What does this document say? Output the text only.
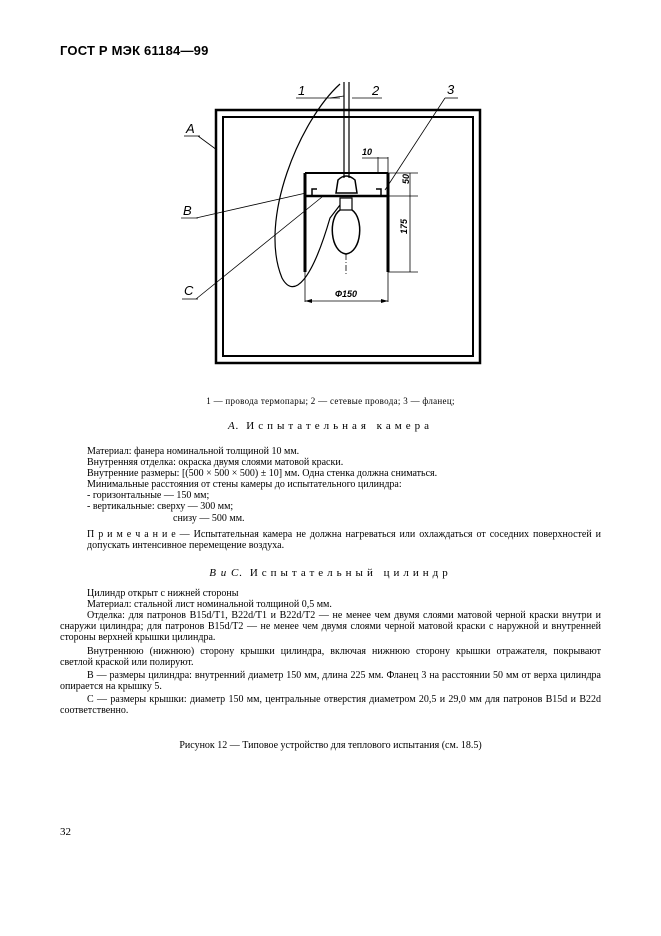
ГОСТ Р МЭК 61184—99
10
50
175
Ф150
1	2	3
A
B
C
1 — провода термопары; 2 — сетевые провода; 3 — фланец;
A. Испытательная камера
Материал: фанера номинальной толщиной 10 мм.
Внутренняя отделка: окраска двумя слоями матовой краски.
Внутренние размеры: [(500 × 500 × 500) ± 10] мм. Одна стенка должна сниматься.
Минимальные расстояния от стены камеры до испытательного цилиндра:
- горизонтальные — 150 мм;
- вертикальные: сверху — 300 мм;
снизу — 500 мм.
П р и м е ч а н и е — Испытательная камера не должна нагреваться или охлаждаться от соседних поверхностей и допускать интенсивное перемещение воздуха.
B и C. Испытательный цилиндр
Цилиндр открыт с нижней стороны
Материал: стальной лист номинальной толщиной 0,5 мм.
Отделка: для патронов B15d/T1, B22d/T1 и B22d/T2 — не менее чем двумя слоями матовой черной краски внутри и снаружи цилиндра; для патронов B15d/T2 — не менее чем двумя слоями черной матовой краски с наружной и внутренней стороны верхней крышки цилиндра.
Внутреннюю (нижнюю) сторону крышки цилиндра, включая нижнюю сторону крышки отражателя, покрывают светлой краской или полируют.
B — размеры цилиндра: внутренний диаметр 150 мм, длина 225 мм. Фланец 3 на расстоянии 50 мм от верха цилиндра опирается на крышку 5.
C — размеры крышки: диаметр 150 мм, центральные отверстия диаметром 20,5 и 29,0 мм для патронов B15d и B22d соответственно.
Рисунок 12 — Типовое устройство для теплового испытания (см. 18.5)
32
